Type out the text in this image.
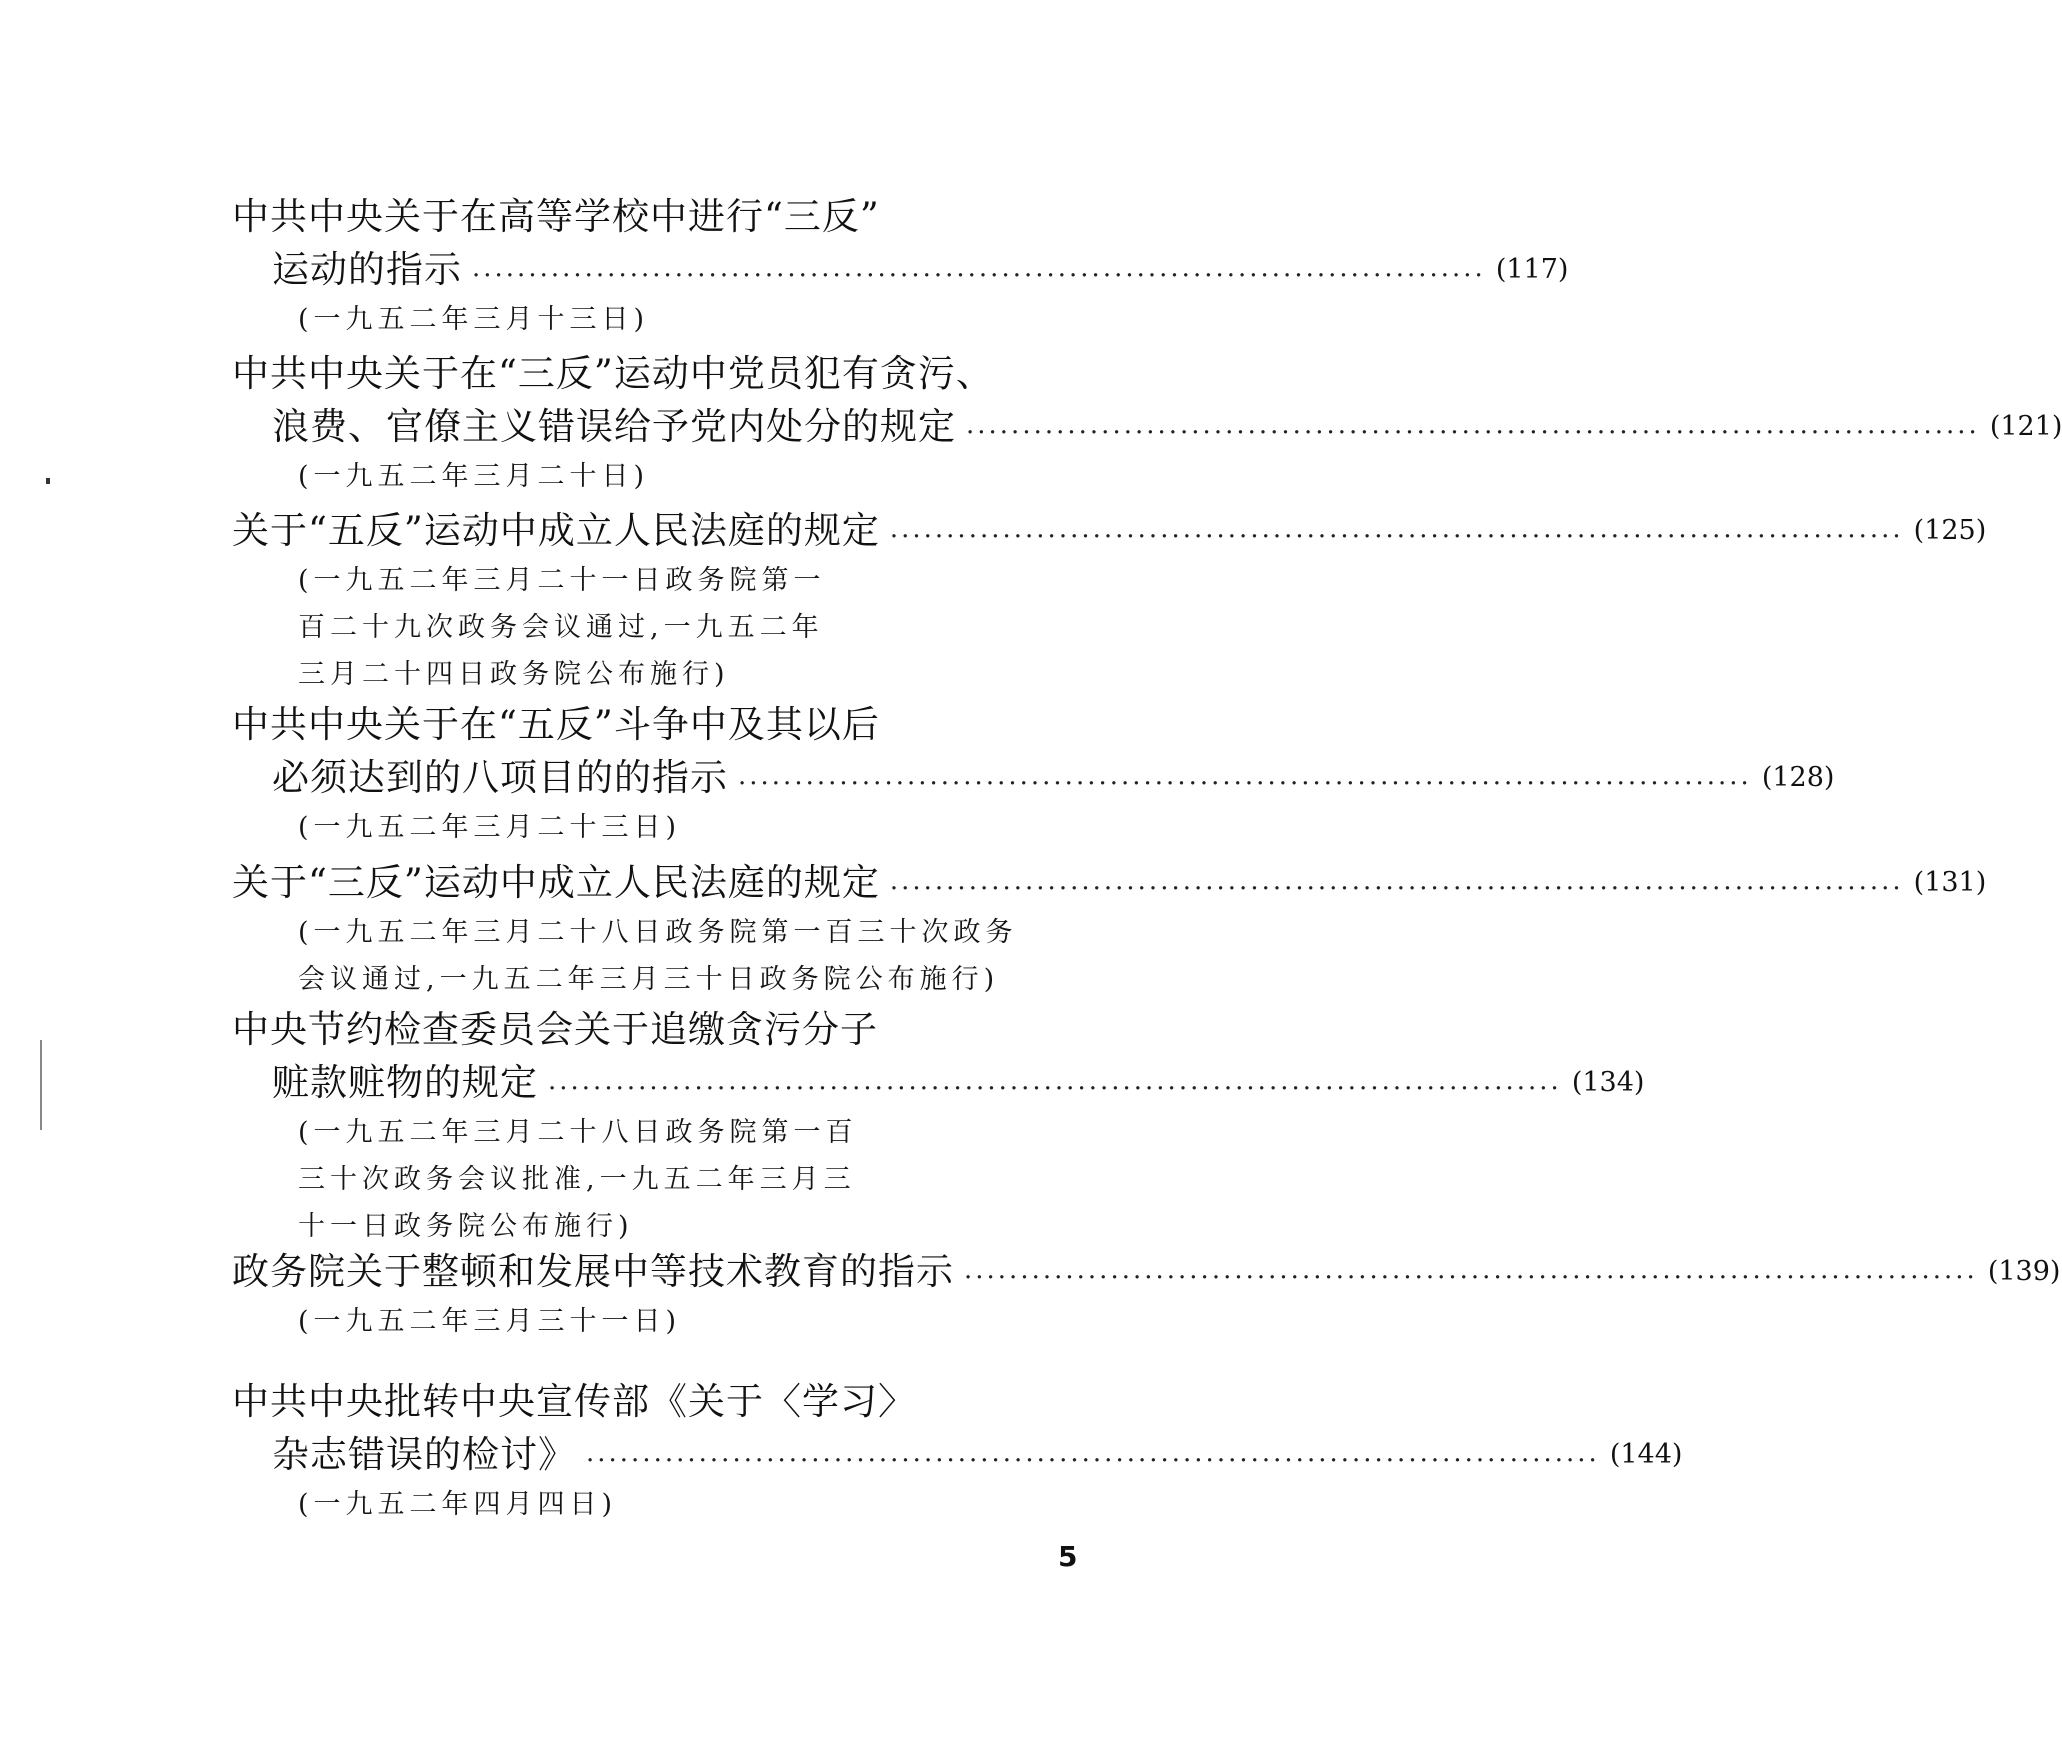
中共中央关于在高等学校中进行“三反”
运动的指示 ·························································································· (117)
(一九五二年三月十三日)
中共中央关于在“三反”运动中党员犯有贪污、
浪费、官僚主义错误给予党内处分的规定 ·························································································· (121)
(一九五二年三月二十日)
关于“五反”运动中成立人民法庭的规定 ·························································································· (125)
(一九五二年三月二十一日政务院第一
百二十九次政务会议通过,一九五二年
三月二十四日政务院公布施行)
中共中央关于在“五反”斗争中及其以后
必须达到的八项目的的指示 ·························································································· (128)
(一九五二年三月二十三日)
关于“三反”运动中成立人民法庭的规定 ·························································································· (131)
(一九五二年三月二十八日政务院第一百三十次政务
会议通过,一九五二年三月三十日政务院公布施行)
中央节约检查委员会关于追缴贪污分子
赃款赃物的规定 ·························································································· (134)
(一九五二年三月二十八日政务院第一百
三十次政务会议批准,一九五二年三月三
十一日政务院公布施行)
政务院关于整顿和发展中等技术教育的指示 ·························································································· (139)
(一九五二年三月三十一日)
中共中央批转中央宣传部《关于〈学习〉
杂志错误的检讨》 ·························································································· (144)
(一九五二年四月四日)
5
